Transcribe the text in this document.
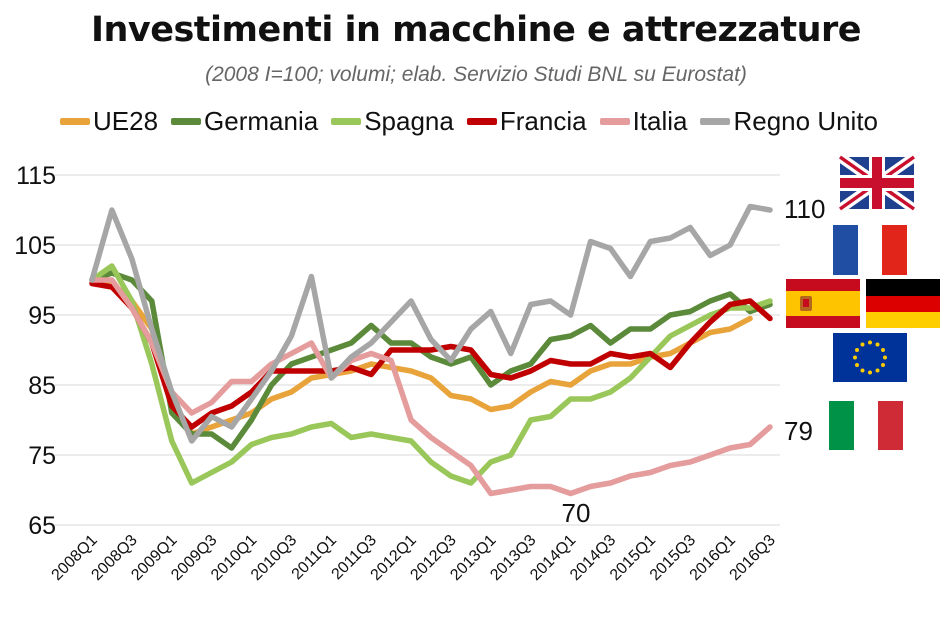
Investimenti in macchine e attrezzature
(2008 I=100; volumi; elab. Servizio Studi BNL su Eurostat)
UE28 Germania Spagna Francia Italia Regno Unito
65
75
85
95
105
115
2008Q1
2008Q3
2009Q1
2009Q3
2010Q1
2010Q3
2011Q1
2011Q3
2012Q1
2012Q3
2013Q1
2013Q3
2014Q1
2014Q3
2015Q1
2015Q3
2016Q1
2016Q3
110
70
79
